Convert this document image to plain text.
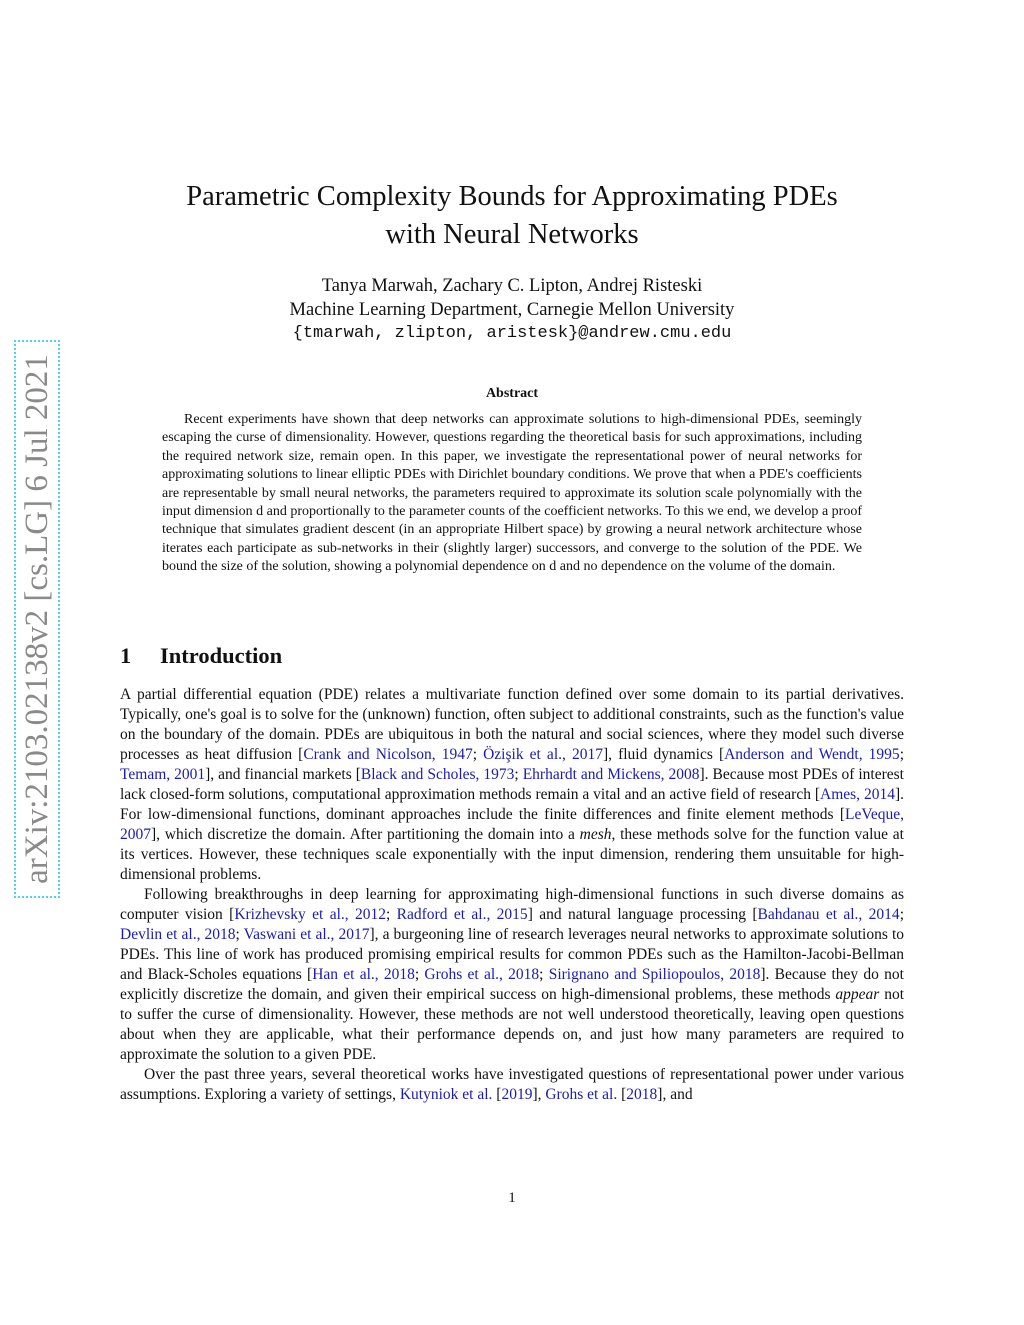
arXiv:2103.02138v2 [cs.LG] 6 Jul 2021
Parametric Complexity Bounds for Approximating PDEs
with Neural Networks
Tanya Marwah, Zachary C. Lipton, Andrej Risteski
Machine Learning Department, Carnegie Mellon University
{tmarwah, zlipton, aristesk}@andrew.cmu.edu
Abstract

Recent experiments have shown that deep networks can approximate solutions to high-dimensional PDEs, seemingly escaping the curse of dimensionality. However, questions regarding the theoretical basis for such approximations, including the required network size, remain open. In this paper, we investigate the representational power of neural networks for approximating solutions to linear elliptic PDEs with Dirichlet boundary conditions. We prove that when a PDE's coefficients are representable by small neural networks, the parameters required to approximate its solution scale polynomially with the input dimension d and proportionally to the parameter counts of the coefficient networks. To this we end, we develop a proof technique that simulates gradient descent (in an appropriate Hilbert space) by growing a neural network architecture whose iterates each participate as sub-networks in their (slightly larger) successors, and converge to the solution of the PDE. We bound the size of the solution, showing a polynomial dependence on d and no dependence on the volume of the domain.

1 Introduction

A partial differential equation (PDE) relates a multivariate function defined over some domain to its partial derivatives. Typically, one's goal is to solve for the (unknown) function, often subject to additional constraints, such as the function's value on the boundary of the domain. PDEs are ubiquitous in both the natural and social sciences, where they model such diverse processes as heat diffusion [Crank and Nicolson, 1947; Özişik et al., 2017], fluid dynamics [Anderson and Wendt, 1995; Temam, 2001], and financial markets [Black and Scholes, 1973; Ehrhardt and Mickens, 2008]. Because most PDEs of interest lack closed-form solutions, computational approximation methods remain a vital and an active field of research [Ames, 2014]. For low-dimensional functions, dominant approaches include the finite differences and finite element methods [LeVeque, 2007], which discretize the domain. After partitioning the domain into a mesh, these methods solve for the function value at its vertices. However, these techniques scale exponentially with the input dimension, rendering them unsuitable for high-dimensional problems.

Following breakthroughs in deep learning for approximating high-dimensional functions in such diverse domains as computer vision [Krizhevsky et al., 2012; Radford et al., 2015] and natural language processing [Bahdanau et al., 2014; Devlin et al., 2018; Vaswani et al., 2017], a burgeoning line of research leverages neural networks to approximate solutions to PDEs. This line of work has produced promising empirical results for common PDEs such as the Hamilton-Jacobi-Bellman and Black-Scholes equations [Han et al., 2018; Grohs et al., 2018; Sirignano and Spiliopoulos, 2018]. Because they do not explicitly discretize the domain, and given their empirical success on high-dimensional problems, these methods appear not to suffer the curse of dimensionality. However, these methods are not well understood theoretically, leaving open questions about when they are applicable, what their performance depends on, and just how many parameters are required to approximate the solution to a given PDE.

Over the past three years, several theoretical works have investigated questions of representational power under various assumptions. Exploring a variety of settings, Kutyniok et al. [2019], Grohs et al. [2018], and

1
